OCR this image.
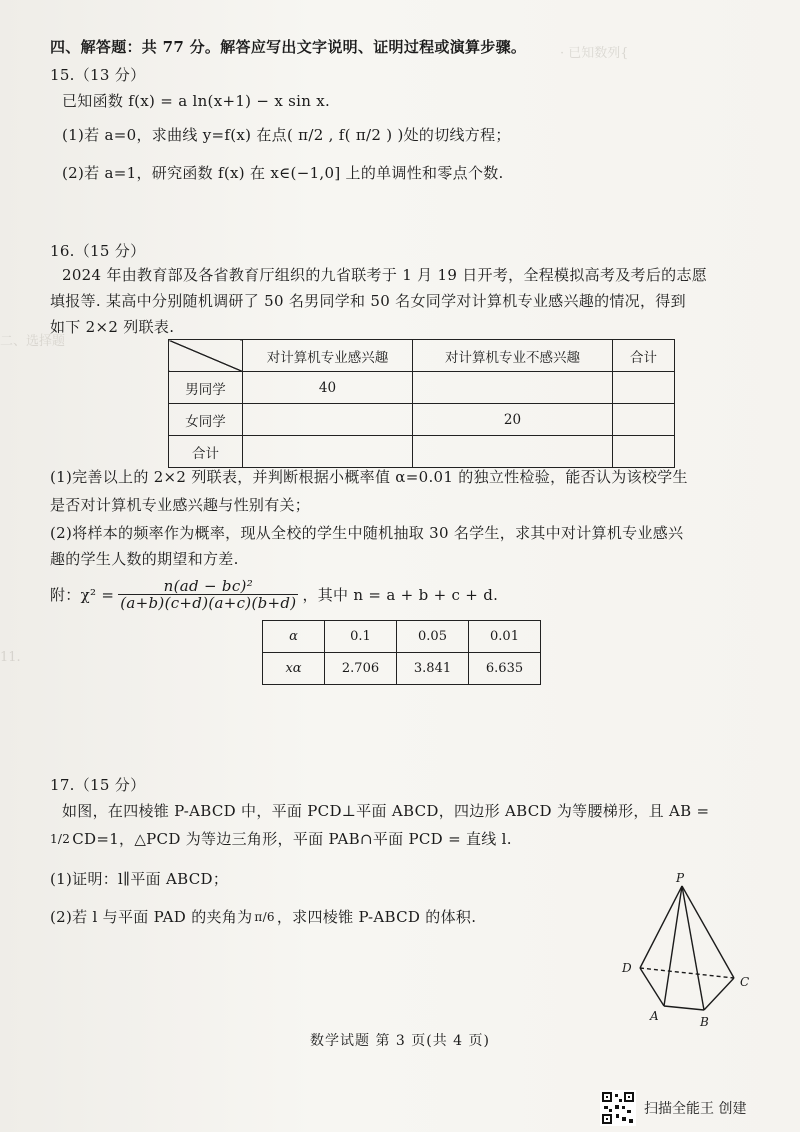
· 已知数列{
二、选择题
11.
四、解答题：共 77 分。解答应写出文字说明、证明过程或演算步骤。
15.（13 分）
已知函数 f(x) = a ln(x+1) − x sin x.
(1)若 a=0，求曲线 y=f(x) 在点( π/2 , f( π/2 ) )处的切线方程；
(2)若 a=1，研究函数 f(x) 在 x∈(−1,0] 上的单调性和零点个数.
16.（15 分）
2024 年由教育部及各省教育厅组织的九省联考于 1 月 19 日开考，全程模拟高考及考后的志愿
填报等. 某高中分别随机调研了 50 名男同学和 50 名女同学对计算机专业感兴趣的情况，得到
如下 2×2 列联表.
	对计算机专业感兴趣	对计算机专业不感兴趣	合计
男同学	40		
女同学		20	
合计			
(1)完善以上的 2×2 列联表，并判断根据小概率值 α=0.01 的独立性检验，能否认为该校学生
是否对计算机专业感兴趣与性别有关；
(2)将样本的频率作为概率，现从全校的学生中随机抽取 30 名学生，求其中对计算机专业感兴
趣的学生人数的期望和方差.
附：$\chi^2 = \frac{\text{n(ad − bc)²}}{(a+b)(c+d)(a+c)(b+d)}$ ，其中 n = a + b + c + d.
α	0.1	0.05	0.01
xα	2.706	3.841	6.635
17.（15 分）
如图，在四棱锥 P-ABCD 中，平面 PCD⊥平面 ABCD，四边形 ABCD 为等腰梯形，且 AB =
1/2 CD=1，△PCD 为等边三角形，平面 PAB∩平面 PCD = 直线 l.
(1)证明：l∥平面 ABCD；
(2)若 l 与平面 PAD 的夹角为 π/6 ，求四棱锥 P-ABCD 的体积.
P
D
C
A	B
数学试题 第 3 页(共 4 页)
扫描全能王 创建
